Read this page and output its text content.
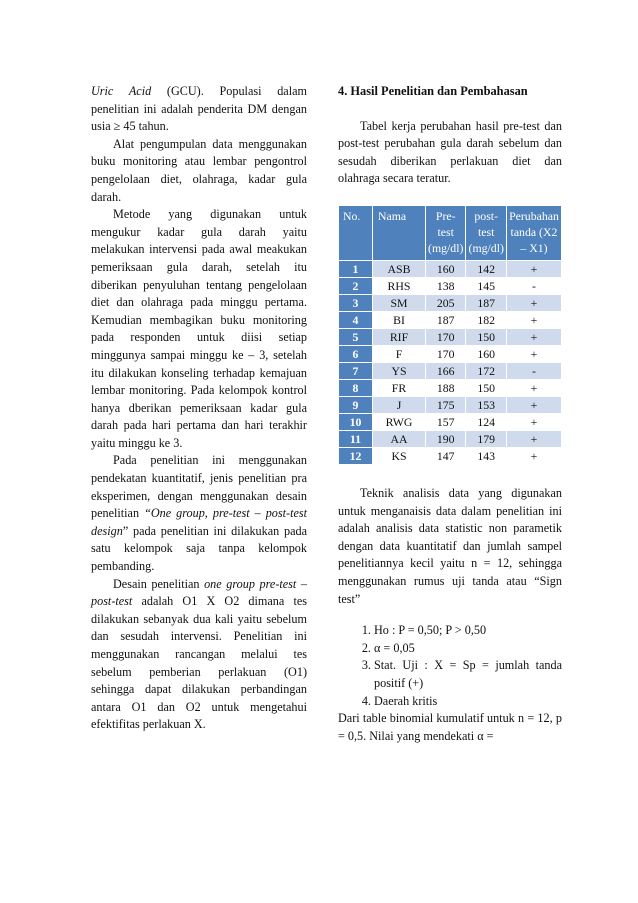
Uric Acid (GCU). Populasi dalam penelitian ini adalah penderita DM dengan usia ≥ 45 tahun.

Alat pengumpulan data menggunakan buku monitoring atau lembar pengontrol pengelolaan diet, olahraga, kadar gula darah.

Metode yang digunakan untuk mengukur kadar gula darah yaitu melakukan intervensi pada awal meakukan pemeriksaan gula darah, setelah itu diberikan penyuluhan tentang pengelolaan diet dan olahraga pada minggu pertama. Kemudian membagikan buku monitoring pada responden untuk diisi setiap minggunya sampai minggu ke – 3, setelah itu dilakukan konseling terhadap kemajuan lembar monitoring. Pada kelompok kontrol hanya dberikan pemeriksaan kadar gula darah pada hari pertama dan hari terakhir yaitu minggu ke 3.

Pada penelitian ini menggunakan pendekatan kuantitatif, jenis penelitian pra eksperimen, dengan menggunakan desain penelitian “One group, pre-test – post-test design” pada penelitian ini dilakukan pada satu kelompok saja tanpa kelompok pembanding.

Desain penelitian one group pre-test – post-test adalah O1 X O2 dimana tes dilakukan sebanyak dua kali yaitu sebelum dan sesudah intervensi. Penelitian ini menggunakan rancangan melalui tes sebelum pemberian perlakuan (O1) sehingga dapat dilakukan perbandingan antara O1 dan O2 untuk mengetahui efektifitas perlakuan X.

4. Hasil Penelitian dan Pembahasan

Tabel kerja perubahan hasil pre-test dan post-test perubahan gula darah sebelum dan sesudah diberikan perlakuan diet dan olahraga secara teratur.

No.	Nama	Pre-test (mg/dl)	post-test (mg/dl)	Perubahan tanda (X2 – X1)
1	ASB	160	142	+
2	RHS	138	145	-
3	SM	205	187	+
4	BI	187	182	+
5	RIF	170	150	+
6	F	170	160	+
7	YS	166	172	-
8	FR	188	150	+
9	J	175	153	+
10	RWG	157	124	+
11	AA	190	179	+
12	KS	147	143	+

Teknik analisis data yang digunakan untuk menganaisis data dalam penelitian ini adalah analisis data statistic non parametik dengan data kuantitatif dan jumlah sampel penelitiannya kecil yaitu n = 12, sehingga menggunakan rumus uji tanda atau “Sign test”

1. Ho : P = 0,50; P > 0,50
2. α = 0,05
3. Stat. Uji : X = Sp = jumlah tanda positif (+)
4. Daerah kritis

Dari table binomial kumulatif untuk n = 12, p = 0,5. Nilai yang mendekati α =
